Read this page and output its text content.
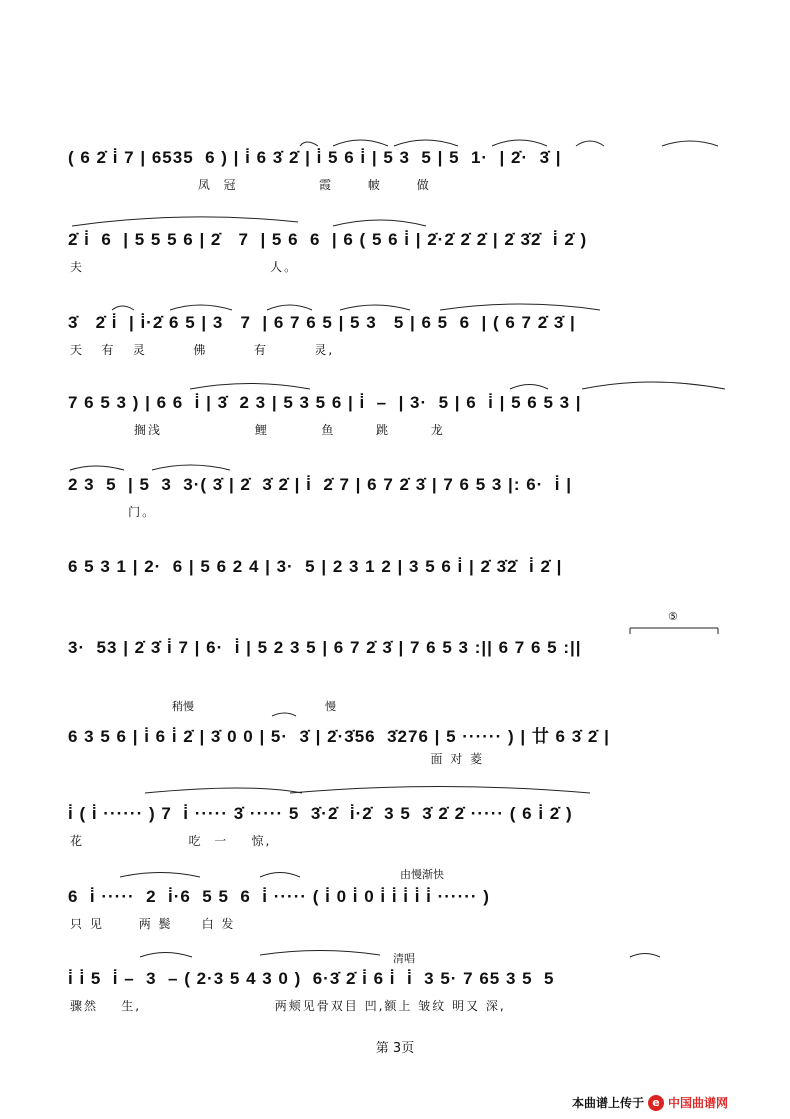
( 6 2̇ i̇ 7 | 6535  6 ) | i̇ 6 3̇ 2̇ | i̇ 5 6 i̇ | 5 3  5 | 5  1·  | 2̇·  3̇ |
凤  冠              霞      帔      做
2̇ i̇  6  | 5 5 5 6 | 2̇   7  | 5 6  6  | 6 ( 5 6 i̇ | 2̇·2̇ 2̇ 2̇ | 2̇ 3̇2̇  i̇ 2̇ )
夫                                人。
3̇   2̇ i̇  | i̇·2̇ 6 5 | 3   7  | 6 7 6 5 | 5 3   5 | 6 5  6  | ( 6 7 2̇ 3̇ |
天   有   灵        佛        有        灵,
7 6 5 3 ) | 6 6  i̇ | 3̇  2 3 | 5 3 5 6 | i̇  –  | 3·  5 | 6  i̇ | 5 6 5 3 |
搁浅                鲤         鱼       跳       龙
2 3  5  | 5  3  3·( 3̇ | 2̇  3̇ 2̇ | i̇  2̇ 7 | 6 7 2̇ 3̇ | 7 6 5 3 |: 6·  i̇ |
门。
6 5 3 1 | 2·  6 | 5 6 2 4 | 3·  5 | 2 3 1 2 | 3 5 6 i̇ | 2̇ 3̇2̇  i̇ 2̇ |
3·  53 | 2̇ 3̇ i̇ 7 | 6·  i̇ | 5 2 3 5 | 6 7 2̇ 3̇ | 7 6 5 3 :|| 6 7 6 5 :||
⑤
稍慢	慢
6 3 5 6 | i̇ 6 i̇ 2̇ | 3̇ 0 0 | 5·  3̇ | 2̇·3̇56  3̇276 | 5 ······ ) | 廿 6 3̇ 2̇ |
面 对 菱
i̇ ( i̇ ······ ) 7  i̇ ····· 3̇ ····· 5  3̇·2̇  i̇·2̇  3 5  3̇ 2̇ 2̇ ····· ( 6 i̇ 2̇ )
花                  吃  一    惊,
由慢渐快
6  i̇ ·····  2  i̇·6  5 5  6  i̇ ····· ( i̇ 0 i̇ 0 i̇ i̇ i̇ i̇ i̇ ······ )
只 见      两 鬓     白 发
清唱
i̇ i̇ 5  i̇ –  3  – ( 2·3 5 4 3 0 )  6·3̇ 2̇ i̇ 6 i̇  i̇  3 5· 7 65 3 5  5
骤然    生,                       两颊见骨双目 凹,额上 皱纹 明又 深,
第 3页
本曲谱上传于 e 中国曲谱网
